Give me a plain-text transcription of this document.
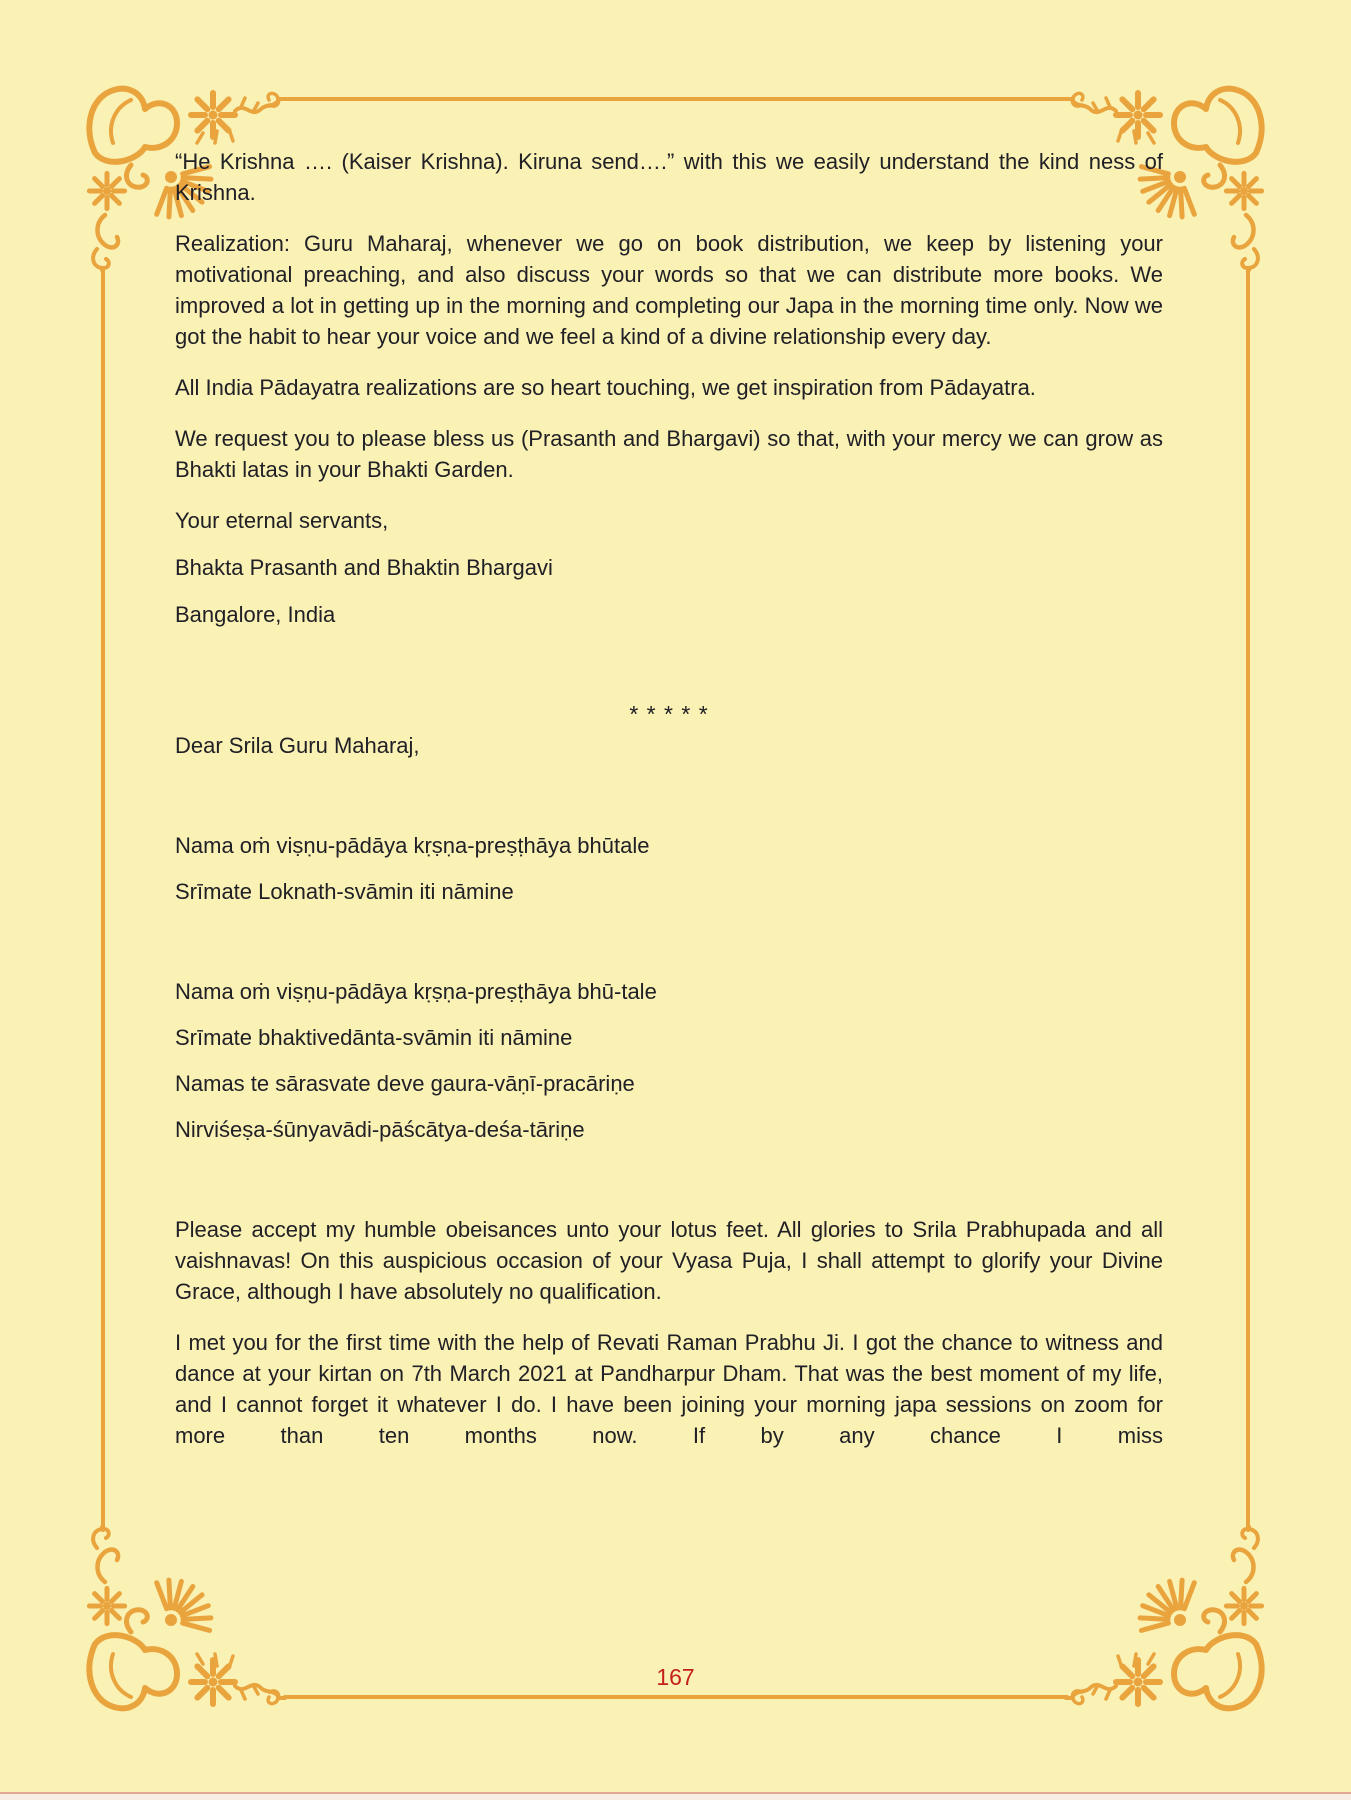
“He Krishna …. (Kaiser Krishna). Kiruna send….” with this we easily understand the kind ness of Krishna.

Realization: Guru Maharaj, whenever we go on book distribution, we keep by listening your motivational preaching, and also discuss your words so that we can distribute more books. We improved a lot in getting up in the morning and completing our Japa in the morning time only. Now we got the habit to hear your voice and we feel a kind of a divine relationship every day.

All India Pādayatra realizations are so heart touching, we get inspiration from Pādayatra.

We request you to please bless us (Prasanth and Bhargavi) so that, with your mercy we can grow as Bhakti latas in your Bhakti Garden.

Your eternal servants,

Bhakta Prasanth and Bhaktin Bhargavi

Bangalore, India

* * * * *

Dear Srila Guru Maharaj,

Nama oṁ viṣṇu-pādāya kṛṣṇa-preṣṭhāya bhūtale

Srīmate Loknath-svāmin iti nāmine

Nama oṁ viṣṇu-pādāya kṛṣṇa-preṣṭhāya bhū-tale

Srīmate bhaktivedānta-svāmin iti nāmine

Namas te sārasvate deve gaura-vāṇī-pracāriṇe

Nirviśeṣa-śūnyavādi-pāścātya-deśa-tāriṇe

Please accept my humble obeisances unto your lotus feet. All glories to Srila Prabhupada and all vaishnavas! On this auspicious occasion of your Vyasa Puja, I shall attempt to glorify your Divine Grace, although I have absolutely no qualification.

I met you for the first time with the help of Revati Raman Prabhu Ji. I got the chance to witness and dance at your kirtan on 7th March 2021 at Pandharpur Dham. That was the best moment of my life, and I cannot forget it whatever I do. I have been joining your morning japa sessions on zoom for more than ten months now. If by any chance I miss

167
